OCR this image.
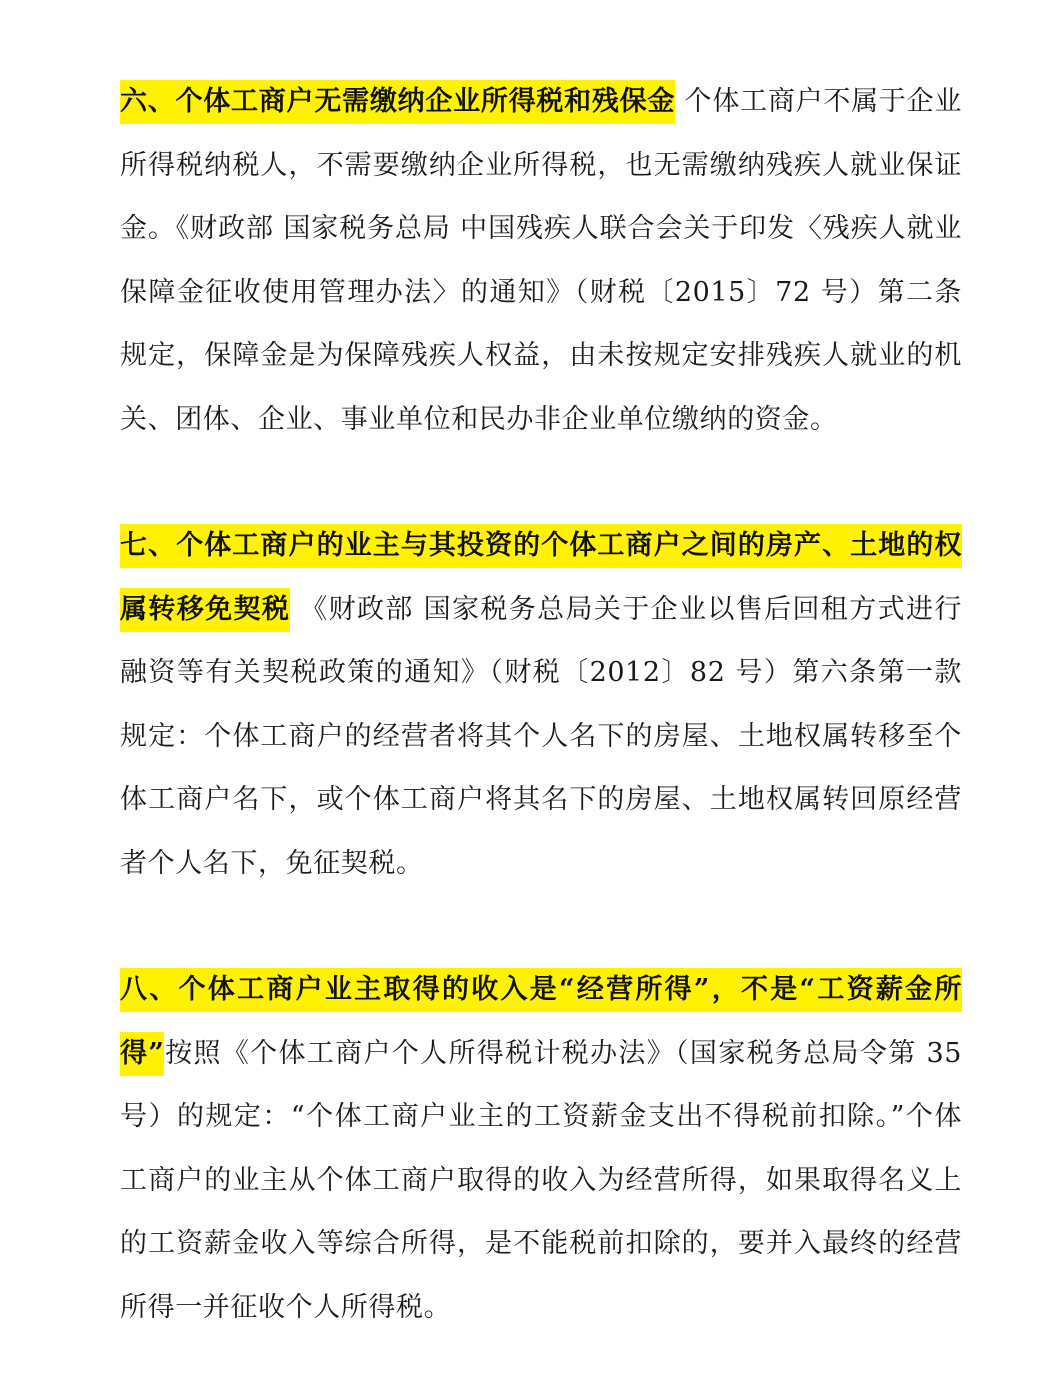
六、个体工商户无需缴纳企业所得税和残保金 个体工商户不属于企业所得税纳税人，不需要缴纳企业所得税，也无需缴纳残疾人就业保证金。《财政部 国家税务总局 中国残疾人联合会关于印发〈残疾人就业保障金征收使用管理办法〉的通知》（财税〔2015〕72 号）第二条规定，保障金是为保障残疾人权益，由未按规定安排残疾人就业的机关、团体、企业、事业单位和民办非企业单位缴纳的资金。

七、个体工商户的业主与其投资的个体工商户之间的房产、土地的权属转移免契税 《财政部 国家税务总局关于企业以售后回租方式进行融资等有关契税政策的通知》（财税〔2012〕82 号）第六条第一款规定：个体工商户的经营者将其个人名下的房屋、土地权属转移至个体工商户名下，或个体工商户将其名下的房屋、土地权属转回原经营者个人名下，免征契税。

八、个体工商户业主取得的收入是“经营所得”，不是“工资薪金所得”按照《个体工商户个人所得税计税办法》（国家税务总局令第 35 号）的规定：“个体工商户业主的工资薪金支出不得税前扣除。”个体工商户的业主从个体工商户取得的收入为经营所得，如果取得名义上的工资薪金收入等综合所得，是不能税前扣除的，要并入最终的经营所得一并征收个人所得税。
